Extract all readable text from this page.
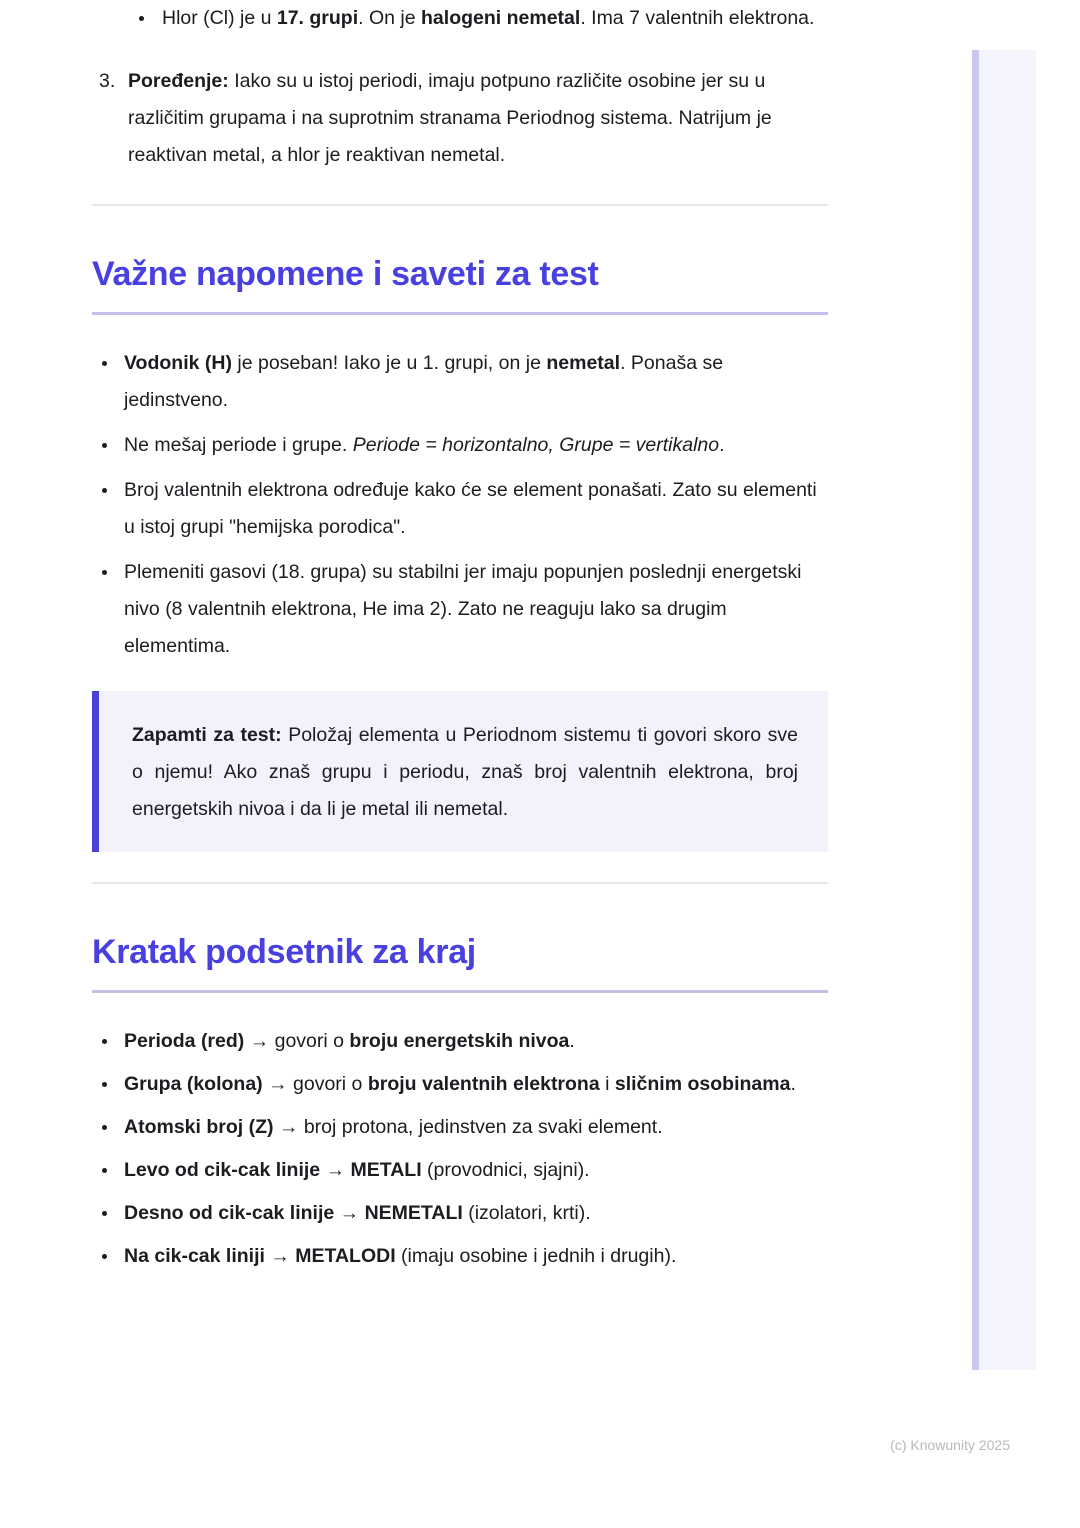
Hlor (Cl) je u 17. grupi. On je halogeni nemetal. Ima 7 valentnih elektrona.
3. Poređenje: Iako su u istoj periodi, imaju potpuno različite osobine jer su u različitim grupama i na suprotnim stranama Periodnog sistema. Natrijum je reaktivan metal, a hlor je reaktivan nemetal.
Važne napomene i saveti za test
Vodonik (H) je poseban! Iako je u 1. grupi, on je nemetal. Ponaša se jedinstveno.
Ne mešaj periode i grupe. Periode = horizontalno, Grupe = vertikalno.
Broj valentnih elektrona određuje kako će se element ponašati. Zato su elementi u istoj grupi "hemijska porodica".
Plemeniti gasovi (18. grupa) su stabilni jer imaju popunjen poslednji energetski nivo (8 valentnih elektrona, He ima 2). Zato ne reaguju lako sa drugim elementima.

Zapamti za test: Položaj elementa u Periodnom sistemu ti govori skoro sve o njemu! Ako znaš grupu i periodu, znaš broj valentnih elektrona, broj energetskih nivoa i da li je metal ili nemetal.

Kratak podsetnik za kraj
Perioda (red) → govori o broju energetskih nivoa.
Grupa (kolona) → govori o broju valentnih elektrona i sličnim osobinama.
Atomski broj (Z) → broj protona, jedinstven za svaki element.
Levo od cik-cak linije → METALI (provodnici, sjajni).
Desno od cik-cak linije → NEMETALI (izolatori, krti).
Na cik-cak liniji → METALODI (imaju osobine i jednih i drugih).
(c) Knowunity 2025
